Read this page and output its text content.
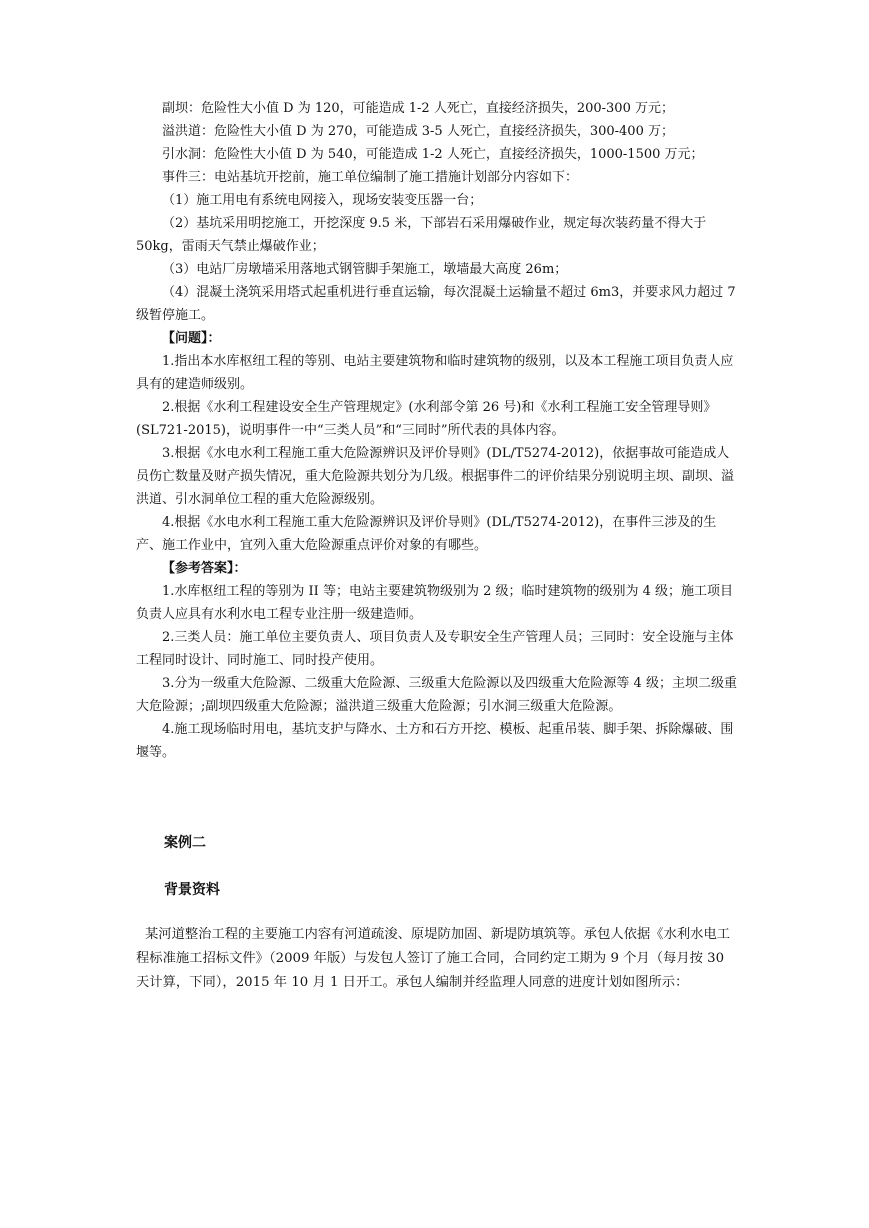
副坝：危险性大小值 D 为 120，可能造成 1-2 人死亡，直接经济损失，200-300 万元；

溢洪道：危险性大小值 D 为 270，可能造成 3-5 人死亡，直接经济损失，300-400 万；

引水洞：危险性大小值 D 为 540，可能造成 1-2 人死亡，直接经济损失，1000-1500 万元；

事件三：电站基坑开挖前，施工单位编制了施工措施计划部分内容如下：

（1）施工用电有系统电网接入，现场安装变压器一台；

（2）基坑采用明挖施工，开挖深度 9.5 米，下部岩石采用爆破作业，规定每次装药量不得大于 50kg，雷雨天气禁止爆破作业；

（3）电站厂房墩墙采用落地式钢管脚手架施工，墩墙最大高度 26m；

（4）混凝土浇筑采用塔式起重机进行垂直运输，每次混凝土运输量不超过 6m3，并要求风力超过 7 级暂停施工。

【问题】：

1.指出本水库枢纽工程的等别、电站主要建筑物和临时建筑物的级别，以及本工程施工项目负责人应具有的建造师级别。

2.根据《水利工程建设安全生产管理规定》(水利部令第 26 号)和《水利工程施工安全管理导则》(SL721-2015)，说明事件一中“三类人员”和“三同时”所代表的具体内容。

3.根据《水电水利工程施工重大危险源辨识及评价导则》(DL/T5274-2012)，依据事故可能造成人员伤亡数量及财产损失情况，重大危险源共划分为几级。根据事件二的评价结果分别说明主坝、副坝、溢洪道、引水洞单位工程的重大危险源级别。

4.根据《水电水利工程施工重大危险源辨识及评价导则》(DL/T5274-2012)，在事件三涉及的生产、施工作业中，宜列入重大危险源重点评价对象的有哪些。

【参考答案】：

1.水库枢纽工程的等别为 II 等；电站主要建筑物级别为 2 级；临时建筑物的级别为 4 级；施工项目负责人应具有水利水电工程专业注册一级建造师。

2.三类人员：施工单位主要负责人、项目负责人及专职安全生产管理人员；三同时：安全设施与主体工程同时设计、同时施工、同时投产使用。

3.分为一级重大危险源、二级重大危险源、三级重大危险源以及四级重大危险源等 4 级；主坝二级重大危险源；;副坝四级重大危险源；溢洪道三级重大危险源；引水洞三级重大危险源。

4.施工现场临时用电，基坑支护与降水、土方和石方开挖、模板、起重吊装、脚手架、拆除爆破、围堰等。

案例二
背景资料

某河道整治工程的主要施工内容有河道疏浚、原堤防加固、新堤防填筑等。承包人依据《水利水电工程标准施工招标文件》（2009 年版）与发包人签订了施工合同，合同约定工期为 9 个月（每月按 30 天计算，下同），2015 年 10 月 1 日开工。承包人编制并经监理人同意的进度计划如图所示：
